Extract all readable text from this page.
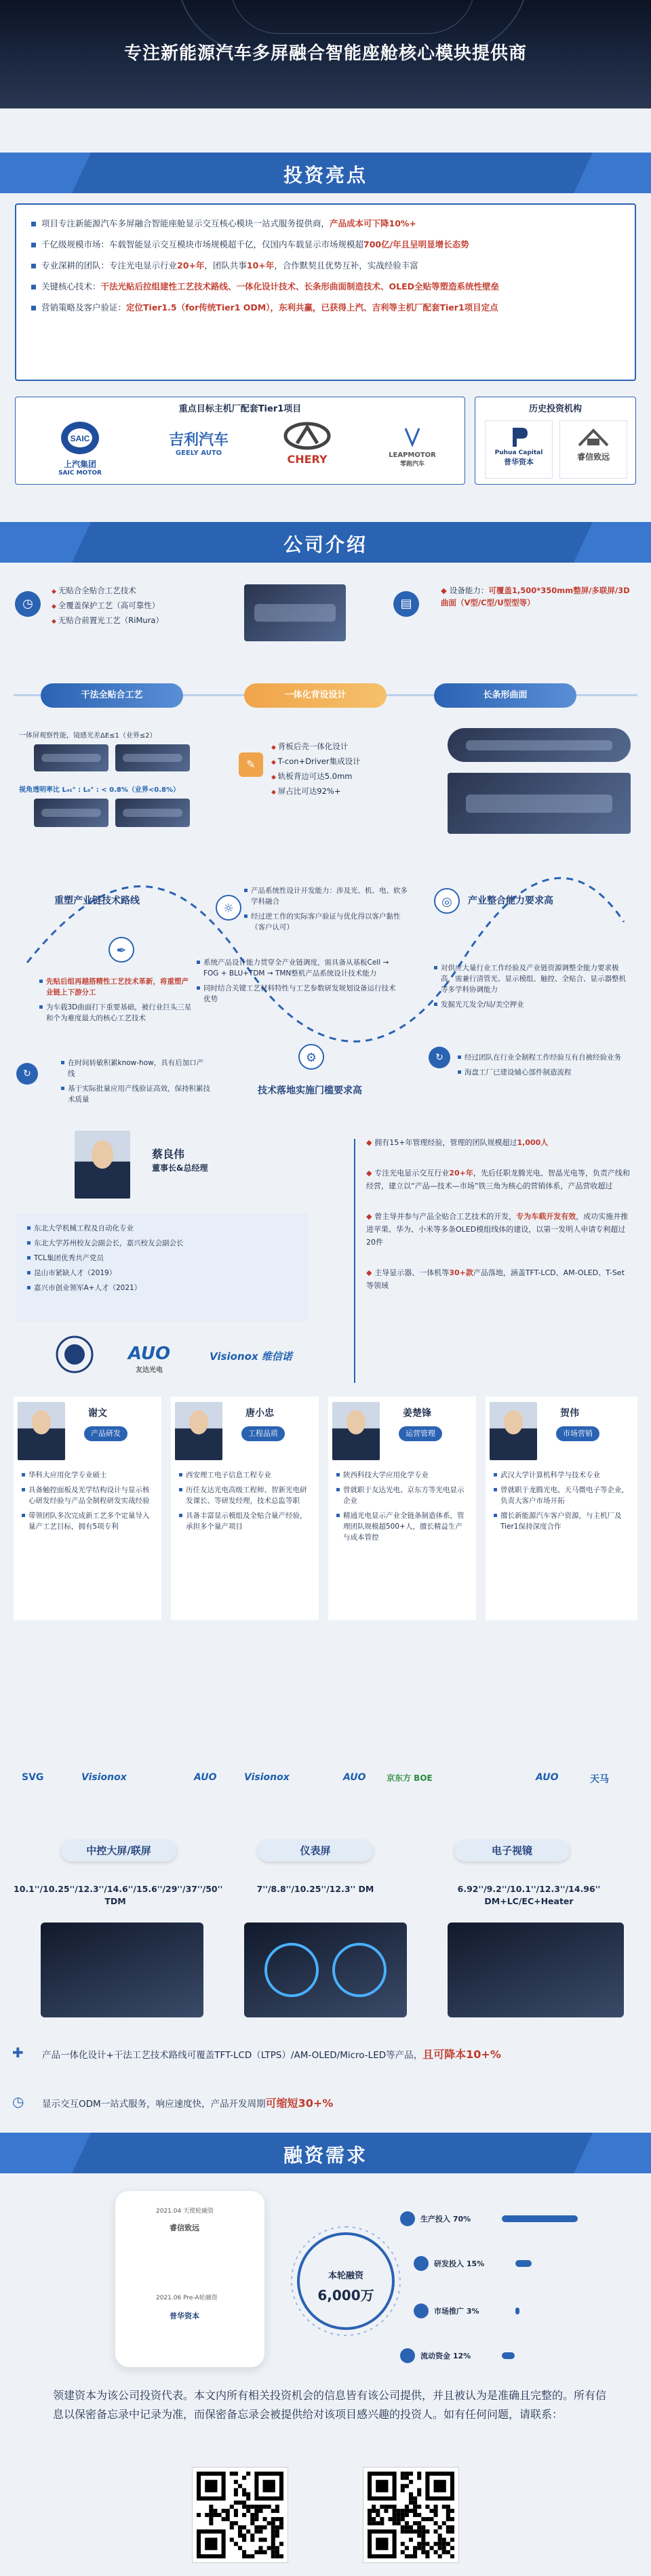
专注新能源汽车多屏融合智能座舱核心模块提供商
投资亮点
项目专注新能源汽车多屏融合智能座舱显示交互核心模块一站式服务提供商，产品成本可下降10%+
千亿级规模市场：车载智能显示交互模块市场规模超千亿，仅国内车载显示市场规模超700亿/年且呈明显增长态势
专业深耕的团队：专注光电显示行业20+年，团队共事10+年，合作默契且优势互补，实战经验丰富
关键核心技术：干法光贴后拉组建性工艺技术路线、一体化设计技术、长条形曲面制造技术、OLED全贴等塑造系统性壁垒
营销策略及客户验证：定位Tier1.5（for传统Tier1 ODM），东利共赢，已获得上汽、吉利等主机厂配套Tier1项目定点
重点目标主机厂配套Tier1项目
SAIC
上汽集团
SAIC MOTOR
吉利汽车
GEELY AUTO	CHERY	LEAPMOTOR
零跑汽车
历史投资机构
Puhua Capital
普华资本
睿信致远
公司介绍
◷
◆ 无贴合全贴合工艺技术
◆ 全覆盖保护工艺（高可靠性）
◆ 无贴合前置光工艺（RiMura）
▤
◆ 设备能力：可覆盖1,500*350mm整屏/多联屏/3D曲面（V型/C型/U型型等）
干法全贴合工艺	一体化背设设计	长条形曲面
一体屏观察性能，镜感光差ΔE≤1（业界≤2）
视角透明率比 L₄₅° : L₀° : < 0.8%（业界<0.8%）
✎
◆ 背板后壳一体化设计
◆ T-con+Driver集成设计
◆ 轨板背边可达5.0mm
◆ 屏占比可达92%+
重塑产业链技术路线	产业整合能力要求高
技术落地实施门槛要求高
☼
✒
⚙
◎
↻
↻
产品系统性设计开发能力：涉及光、机、电、软多学科融合
经过逆工作的实际客户验证与优化得以客户黏性（客户认可）
系统产品设计能力贯穿全产业链调度，需具备从基板Cell → FOG + BLU+TDM → TMN整机产品系统设计技术能力
同时结合关键工艺材料特性与工艺参数研发规划设备运行技术优势
先贴后组再越搭精性工艺技术革新，将重塑产业链上下游分工
为车载3D曲面打下重要基础，被行业巨头三星和个为难度最大的核心工艺技术
在时间转敏积累know-how，具有后加口产线
基于实际批量应用产线验证高效，保持积累技术质量
对供应大量行业工作经验及产业链资源调整全能力要求极高，需兼行清管光、显示模组、触控、全贴合、显示器整机等多学科协调能力
发掘光兀发全/局/美空押业
经过团队在行业全制程工作经验互有自被经验业务
海盘工厂已建设辅心部件制造流程
蔡良伟
董事长&总经理
东北大学机械工程及自动化专业
东北大学苏州校友会副会长，嘉兴校友会副会长
TCL集团优秀共产党员
昆山市紧缺人才（2019）
嘉兴市创业领军A+人才（2021）
AUO
友达光电
Visionox 维信诺
◆ 拥有15+年管理经验，管理的团队规模超过1,000人
◆ 专注光电显示交互行业20+年，先后任职龙腾光电、智晶光电等，负责产线和经营，建立以“产品—技术—市场”铁三角为核心的营销体系，产品营收超过
◆ 曾主导并参与产品全贴合工艺技术的开发，专为车载开发有效，成功实施并推进苹果、华为、小米等多条OLED模组线体的建设，以第一发明人申请专利超过20件
◆ 主导显示器、一体机等30+款产品落地，涵盖TFT-LCD、AM-OLED、T-Set等领域
谢文
产品研发
华科大应用化学专业硕士
具备触控面板及光学结构设计与显示核心研发经验与产品全制程研发实战经验
带领团队多次完成新工艺多个定量导入量产工艺目标，拥有5项专利
唐小忠
工程品质
西安理工电子信息工程专业
历任友达光电高级工程师、智新光电研发课长、等研发经理，技术总监等职
具备丰富显示模组及全贴合量产经验，承担多个量产项目
姜楚锋
运营管理
陕西科技大学应用化学专业
曾就职于友达光电、京东方等光电显示企业
精通光电显示产业全链条制造体系，管理团队规模超500+人，擅长精益生产与成本管控
贺伟
市场营销
武汉大学计算机科学与技术专业
曾就职于龙腾光电、天马微电子等企业，负责大客户市场开拓
擅长新能源汽车客户资源，与主机厂及Tier1保持深度合作
SVG	Visionox	AUO	Visionox	AUO	京东方 BOE	AUO	天马
中控大屏/联屏	仪表屏	电子视镜
10.1''/10.25''/12.3''/14.6''/15.6''/29''/37''/50'' TDM
7''/8.8''/10.25''/12.3'' DM	6.92''/9.2''/10.1''/12.3''/14.96'' DM+LC/EC+Heater
✚ 产品一体化设计+干法工艺技术路线可覆盖TFT-LCD（LTPS）/AM-OLED/Micro-LED等产品，且可降本10+%
◷ 显示交互ODM一站式服务，响应速度快，产品开发周期可缩短30+%
融资需求
2021.04 天使轮融资
睿信致远
2021.06 Pre-A轮融资
普华资本
本轮融资
6,000万
生产投入 70%
研发投入 15%
市场推广 3%
流动资金 12%
领建资本为该公司投资代表。本文内所有相关投资机会的信息皆有该公司提供，并且被认为是准确且完整的。所有信息以保密备忘录中记录为准，而保密备忘录会被提供给对该项目感兴趣的投资人。如有任何问题，请联系：
